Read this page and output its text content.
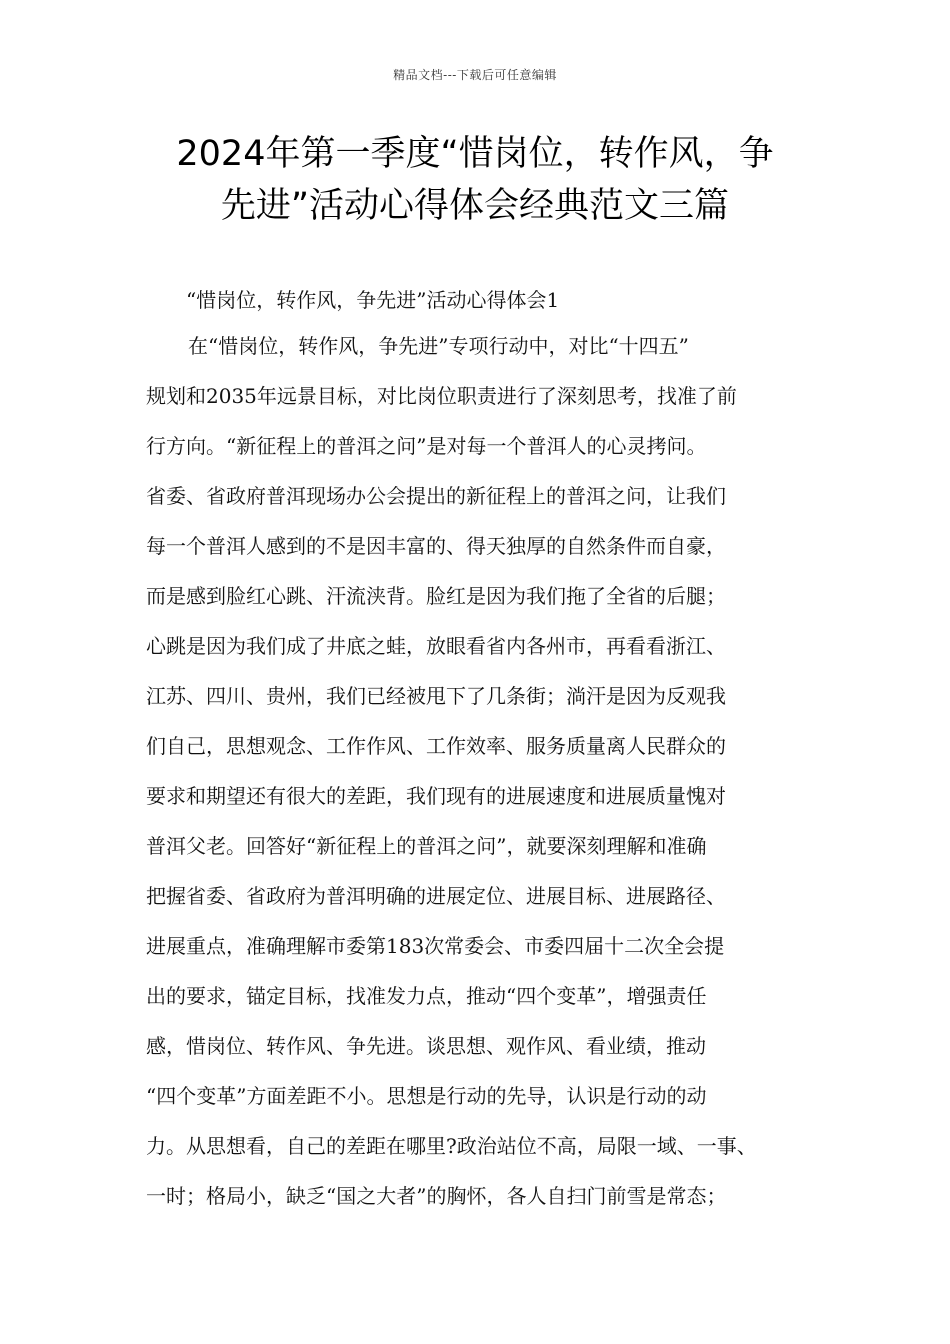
精品文档---下载后可任意编辑
2024年第一季度“惜岗位，转作风，争
先进”活动心得体会经典范文三篇

“惜岗位，转作风，争先进”活动心得体会1

在“惜岗位，转作风，争先进”专项行动中，对比“十四五”

规划和2035年远景目标，对比岗位职责进行了深刻思考，找准了前

行方向。“新征程上的普洱之问”是对每一个普洱人的心灵拷问。

省委、省政府普洱现场办公会提出的新征程上的普洱之问，让我们

每一个普洱人感到的不是因丰富的、得天独厚的自然条件而自豪，

而是感到脸红心跳、汗流浃背。脸红是因为我们拖了全省的后腿；

心跳是因为我们成了井底之蛙，放眼看省内各州市，再看看浙江、

江苏、四川、贵州，我们已经被甩下了几条街；淌汗是因为反观我

们自己，思想观念、工作作风、工作效率、服务质量离人民群众的

要求和期望还有很大的差距，我们现有的进展速度和进展质量愧对

普洱父老。回答好“新征程上的普洱之问”，就要深刻理解和准确

把握省委、省政府为普洱明确的进展定位、进展目标、进展路径、

进展重点，准确理解市委第183次常委会、市委四届十二次全会提

出的要求，锚定目标，找准发力点，推动“四个变革”，增强责任

感，惜岗位、转作风、争先进。谈思想、观作风、看业绩，推动

“四个变革”方面差距不小。思想是行动的先导，认识是行动的动

力。从思想看，自己的差距在哪里?政治站位不高，局限一域、一事、

一时；格局小，缺乏“国之大者”的胸怀，各人自扫门前雪是常态；
